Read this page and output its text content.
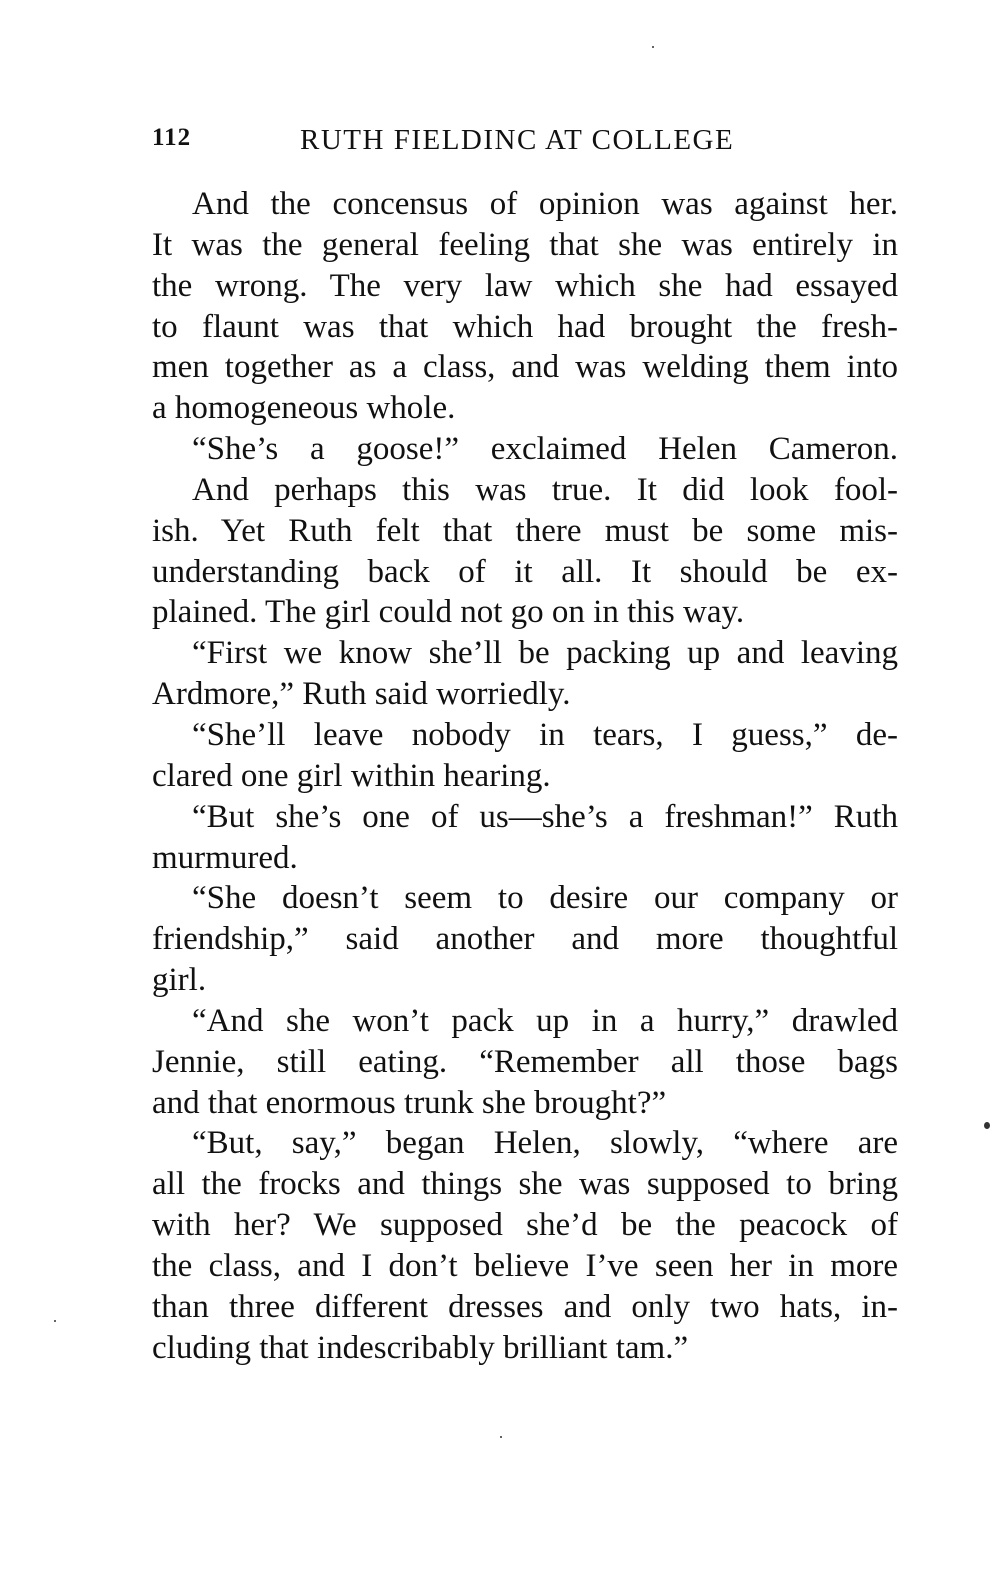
112	RUTH FIELDINC AT COLLEGE
And the concensus of opinion was against her.
It was the general feeling that she was entirely in
the wrong. The very law which she had essayed
to flaunt was that which had brought the fresh-
men together as a class, and was welding them into
a homogeneous whole.
“She’s a goose!” exclaimed Helen Cameron.
And perhaps this was true. It did look fool-
ish. Yet Ruth felt that there must be some mis-
understanding back of it all. It should be ex-
plained. The girl could not go on in this way.
“First we know she’ll be packing up and leaving
Ardmore,” Ruth said worriedly.
“She’ll leave nobody in tears, I guess,” de-
clared one girl within hearing.
“But she’s one of us—she’s a freshman!” Ruth
murmured.
“She doesn’t seem to desire our company or
friendship,” said another and more thoughtful
girl.
“And she won’t pack up in a hurry,” drawled
Jennie, still eating. “Remember all those bags
and that enormous trunk she brought?”
“But, say,” began Helen, slowly, “where are
all the frocks and things she was supposed to bring
with her? We supposed she’d be the peacock of
the class, and I don’t believe I’ve seen her in more
than three different dresses and only two hats, in-
cluding that indescribably brilliant tam.”
